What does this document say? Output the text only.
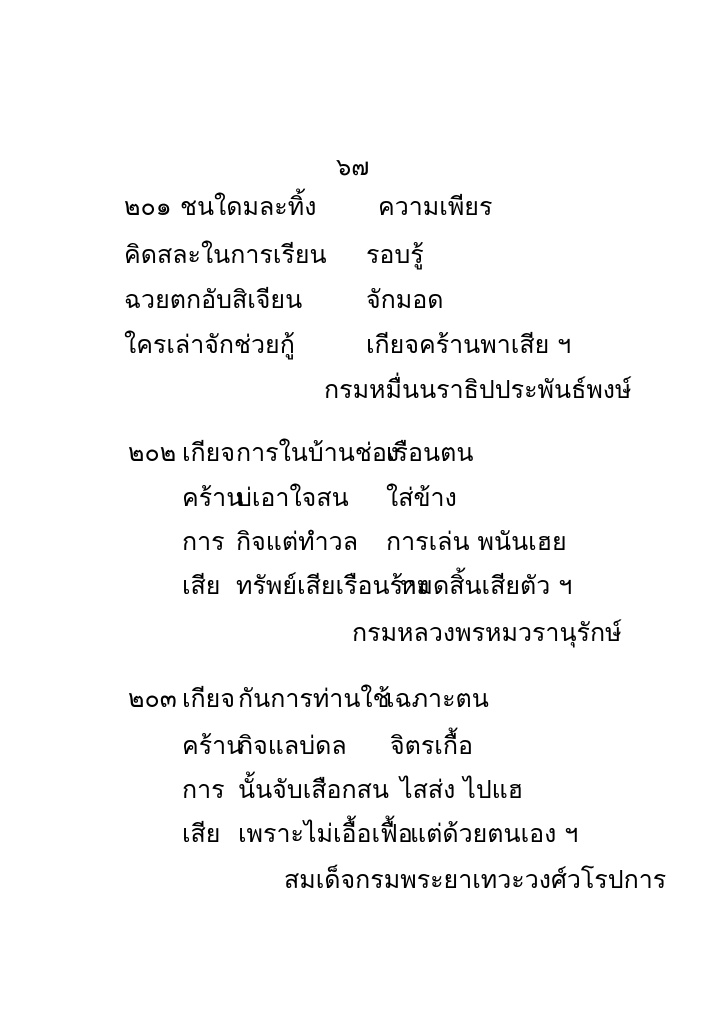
๖๗
๒๐๑ ชนใดมละทิ้ง ความเพียร
คิดสละในการเรียน รอบรู้
ฉวยตกอับสิเจียน	จักมอด
ใครเล่าจักช่วยกู้	เกียจคร้านพาเสีย ฯ
กรมหมื่นนราธิปประพันธ์พงษ์
๒๐๒ เกียจ การในบ้านช่อง
เรือนตน
คร้าน
บ่เอาใจสน ใส่ข้าง
การ กิจแต่ทำวล การเล่น พนันเฮย
เสีย ทรัพย์เสียเรือนร้าง
หมดสิ้นเสียตัว ฯ
กรมหลวงพรหมวรานุรักษ์
๒๐๓ เกียจ กันการท่านใช้
เฉภาะตน
คร้าน
กิจแลบ่ดล จิตรเกื้อ
การ นั้นจับเสือกสน ไสส่ง ไปแฮ
เสีย เพราะไม่เอื้อเฟื้อ
แต่ด้วยตนเอง ฯ
สมเด็จกรมพระยาเทวะวงศ์วโรปการ
